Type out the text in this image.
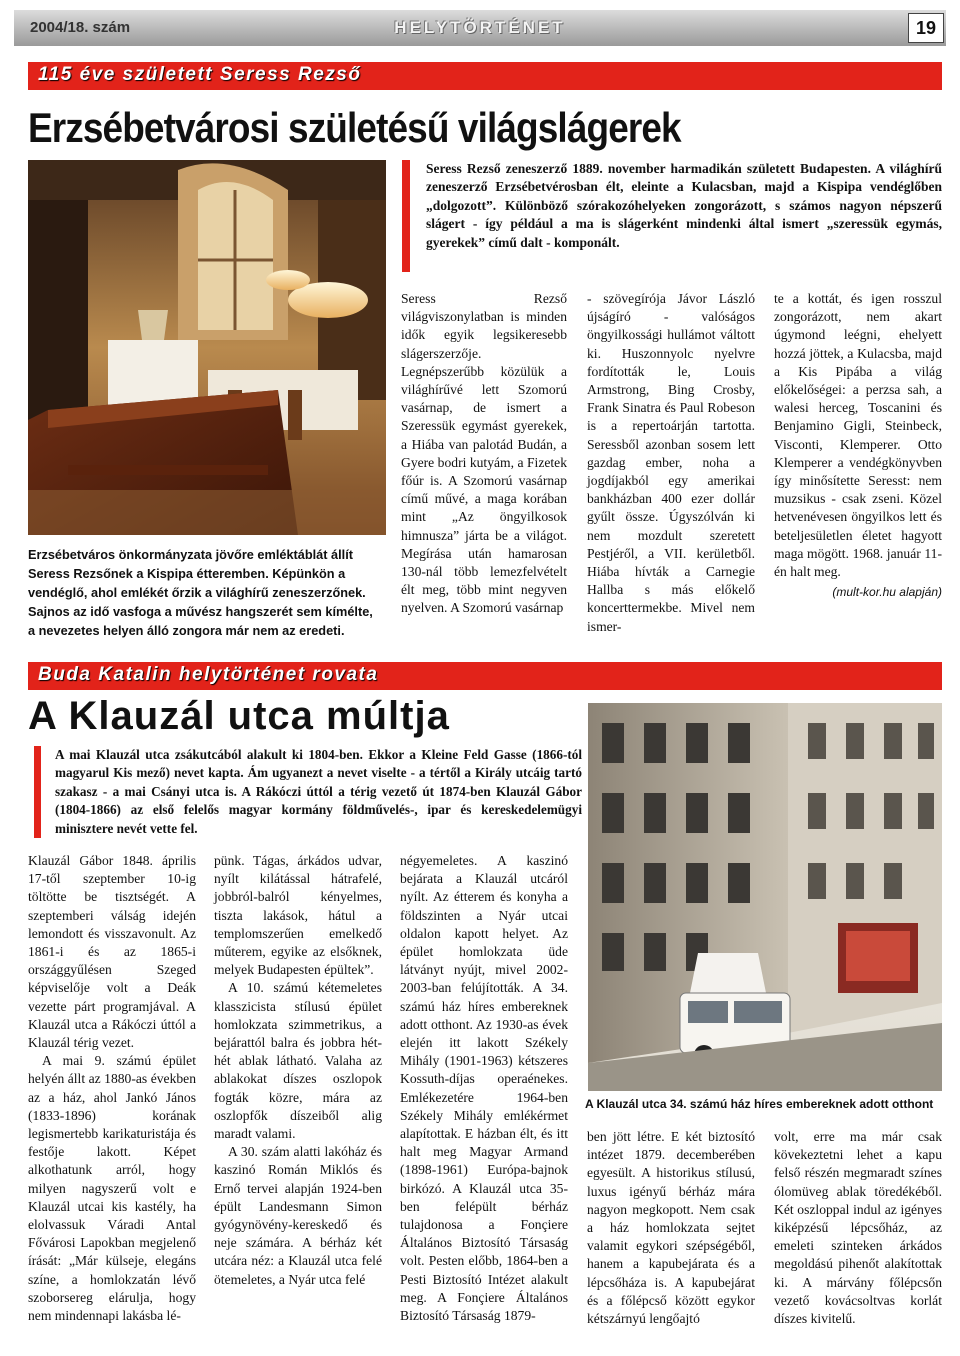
2004/18. szám	HELYTÖRTÉNET	19
115 éve született Seress Rezső
Erzsébetvárosi születésű világslágerek
Erzsébetváros önkormányzata jövőre emléktáblát állít Seress Rezsőnek a Kispipa étteremben. Képünkön a vendéglő, ahol emlékét őrzik a világhírű zeneszerzőnek. Sajnos az idő vasfoga a művész hangszerét sem kímélte, a nevezetes helyen álló zongora már nem az eredeti.
Seress Rezső zeneszerző 1889. november harmadikán született Budapesten. A világhírű zeneszerző Erzsébetvérosban élt, eleinte a Kulacsban, majd a Kispipa vendéglőben „dolgozott”. Különböző szórakozóhelyeken zongorázott, s számos nagyon népszerű slágert - így például a ma is slágerként mindenki által ismert „szeressük egymás, gyerekek” című dalt - komponált.
Seress Rezső világviszonylatban is minden idők egyik legsikeresebb slágerszerzője. Legnépszerűbb közülük a világhírűvé lett Szomorú vasárnap, de ismert a Szeressük egymást gyerekek, a Hiába van palotád Budán, a Gyere bodri kutyám, a Fizetek főúr is. A Szomorú vasárnap című művé, a maga korában mint „Az öngyilkosok himnusza” járta be a világot. Megírása után hamarosan 130-nál több lemezfelvételt élt meg, több mint negyven nyelven. A Szomorú vasárnap
- szövegírója Jávor László újságíró - valóságos öngyilkossági hullámot váltott ki. Huszonnyolc nyelvre fordították le, Louis Armstrong, Bing Crosby, Frank Sinatra és Paul Robeson is a repertoárján tartotta. Seressből azonban sosem lett gazdag ember, noha a jogdíjakból egy amerikai bankházban 400 ezer dollár gyűlt össze. Úgyszólván ki nem mozdult szeretett Pestjéről, a VII. kerületből. Hiába hívták a Carnegie Hallba s más előkelő koncerttermekbe. Mivel nem ismer-

te a kottát, és igen rosszul zongorázott, nem akart úgymond leégni, ehelyett hozzá jöttek, a Kulacsba, majd a Kis Pipába a világ előkelőségei: a perzsa sah, a walesi herceg, Toscanini és Benjamino Gigli, Steinbeck, Visconti, Klemperer. Otto Klemperer a vendégkönyvben így minősítette Seresst: nem muzsikus - csak zseni. Közel hetvenévesen öngyilkos lett és beteljesületlen életet hagyott maga mögött. 1968. január 11-én halt meg.

(mult-kor.hu alapján)
Buda Katalin helytörténet rovata
A Klauzál utca múltja
A mai Klauzál utca zsákutcából alakult ki 1804-ben. Ekkor a Kleine Feld Gasse (1866-tól magyarul Kis mező) nevet kapta. Ám ugyanezt a nevet viselte - a tértől a Király utcáig tartó szakasz - a mai Csányi utca is. A Rákóczi úttól a térig vezető út 1874-ben Klauzál Gábor (1804-1866) az első felelős magyar kormány földművelés-, ipar és kereskedelemügyi minisztere nevét vette fel.
A Klauzál utca 34. számú ház híres embereknek adott otthont

Klauzál Gábor 1848. április 17-től szeptember 10-ig töltötte be tisztségét. A szeptemberi válság idején lemondott és visszavonult. Az 1861-i és az 1865-i országgyűlésen Szeged képviselője volt a Deák vezette párt programjával. A Klauzál utca a Rákóczi úttól a Klauzál térig vezet.

A mai 9. számú épület helyén állt az 1880-as években az a ház, ahol Jankó János (1833-1896) korának legismertebb karikaturistája és festője lakott. Képet alkothatunk arról, hogy milyen nagyszerű volt e Klauzál utcai kis kastély, ha elolvassuk Váradi Antal Fővárosi Lapokban megjelenő írását: „Már külseje, elegáns színe, a homlokzatán lévő szoborsereg elárulja, hogy nem mindennapi lakásba lé-

pünk. Tágas, árkádos udvar, nyílt kilátással hátrafelé, jobbról-balról kényelmes, tiszta lakások, hátul a templomszerűen emelkedő műterem, egyike az elsőknek, melyek Budapesten épültek”.

A 10. számú kétemeletes klasszicista stílusú épület homlokzata szimmetrikus, a bejárattól balra és jobbra hét-hét ablak látható. Valaha az ablakokat díszes oszlopok fogták közre, mára az oszlopfők díszeiből alig maradt valami.

A 30. szám alatti lakóház és kaszinó Román Miklós és Ernő tervei alapján 1924-ben épült Landesmann Simon gyógynövény-kereskedő és neje számára. A bérház két utcára néz: a Klauzál utca felé ötemeletes, a Nyár utca felé

négyemeletes. A kaszinó bejárata a Klauzál utcáról nyílt. Az étterem és konyha a földszinten a Nyár utcai oldalon kapott helyet. Az épület homlokzata üde látványt nyújt, mivel 2002-2003-ban felújították. A 34. számú ház híres embereknek adott otthont. Az 1930-as évek elején itt lakott Székely Mihály (1901-1963) kétszeres Kossuth-díjas operaénekes. Emlékezetére 1964-ben Székely Mihály emlékérmet alapítottak. E házban élt, és itt halt meg Magyar Armand (1898-1961) Európa-bajnok birkózó. A Klauzál utca 35-ben felépült bérház tulajdonosa a Fonçiere Általános Biztosító Társaság volt. Pesten előbb, 1864-ben a Pesti Biztosító Intézet alakult meg. A Fonçiere Általános Biztosító Társaság 1879-
ben jött létre. E két biztosító intézet 1879. decemberében egyesült. A historikus stílusú, luxus igényű bérház mára nagyon megkopott. Nem csak a ház homlokzata sejtet valamit egykori szépségéből, hanem a kapubejárata és a lépcsőháza is. A kapubejárat és a főlépcső között egykor kétszárnyú lengőajtó
volt, erre ma már csak kövekeztetni lehet a kapu felső részén megmaradt színes ólomüveg ablak töredékéből. Két oszloppal indul az igényes kiképzésű lépcsőház, az emeleti szinteken árkádos megoldású pihenőt alakítottak ki. A márvány főlépcsőn vezető kovácsoltvas korlát díszes kivitelű.
